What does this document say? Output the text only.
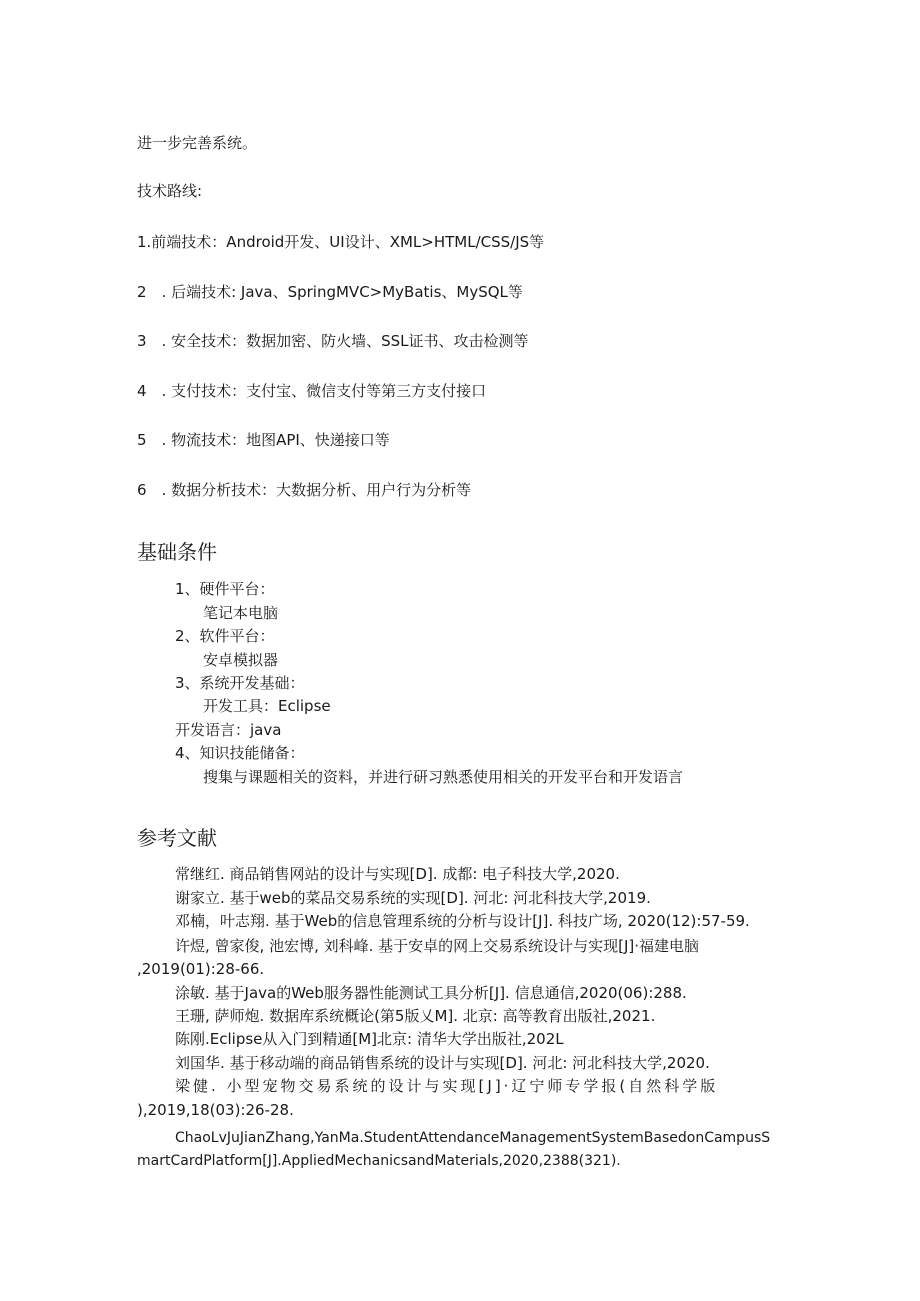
进一步完善系统。
技术路线:
1.前端技术：Android开发、UI设计、XML>HTML/CSS/JS等
2　. 后端技术: Java、SpringMVC>MyBatis、MySQL等
3　. 安全技术：数据加密、防火墙、SSL证书、攻击检测等
4　. 支付技术：支付宝、微信支付等第三方支付接口
5　. 物流技术：地图API、快递接口等
6　. 数据分析技术：大数据分析、用户行为分析等
基础条件
1、硬件平台：
笔记本电脑
2、软件平台：
安卓模拟器
3、系统开发基础：
开发工具：Eclipse
开发语言：java
4、知识技能储备：
搜集与课题相关的资料，并进行研习熟悉使用相关的开发平台和开发语言
参考文献
常继红. 商品销售网站的设计与实现[D]. 成都: 电子科技大学,2020.
谢家立. 基于web的菜品交易系统的实现[D]. 河北: 河北科技大学,2019.
邓楠，叶志翔. 基于Web的信息管理系统的分析与设计[J]. 科技广场, 2020(12):57-59.
许煜, 曾家俊, 池宏博, 刘科峰. 基于安卓的网上交易系统设计与实现[J]·福建电脑
,2019(01):28-66.
涂敏. 基于Java的Web服务器性能测试工具分析[J]. 信息通信,2020(06):288.
王珊, 萨师炮. 数据库系统概论(第5版乂M]. 北京: 高等教育出版社,2021.
陈刚.Eclipse从入门到精通[M]北京: 清华大学出版社,202L
刘国华. 基于移动端的商品销售系统的设计与实现[D]. 河北: 河北科技大学,2020.
梁健. 小型宠物交易系统的设计与实现[J]·辽宁师专学报(自然科学版
),2019,18(03):26-28.
ChaoLvJuJianZhang,YanMa.StudentAttendanceManagementSystemBasedonCampusS
martCardPlatform[J].AppliedMechanicsandMaterials,2020,2388(321).
